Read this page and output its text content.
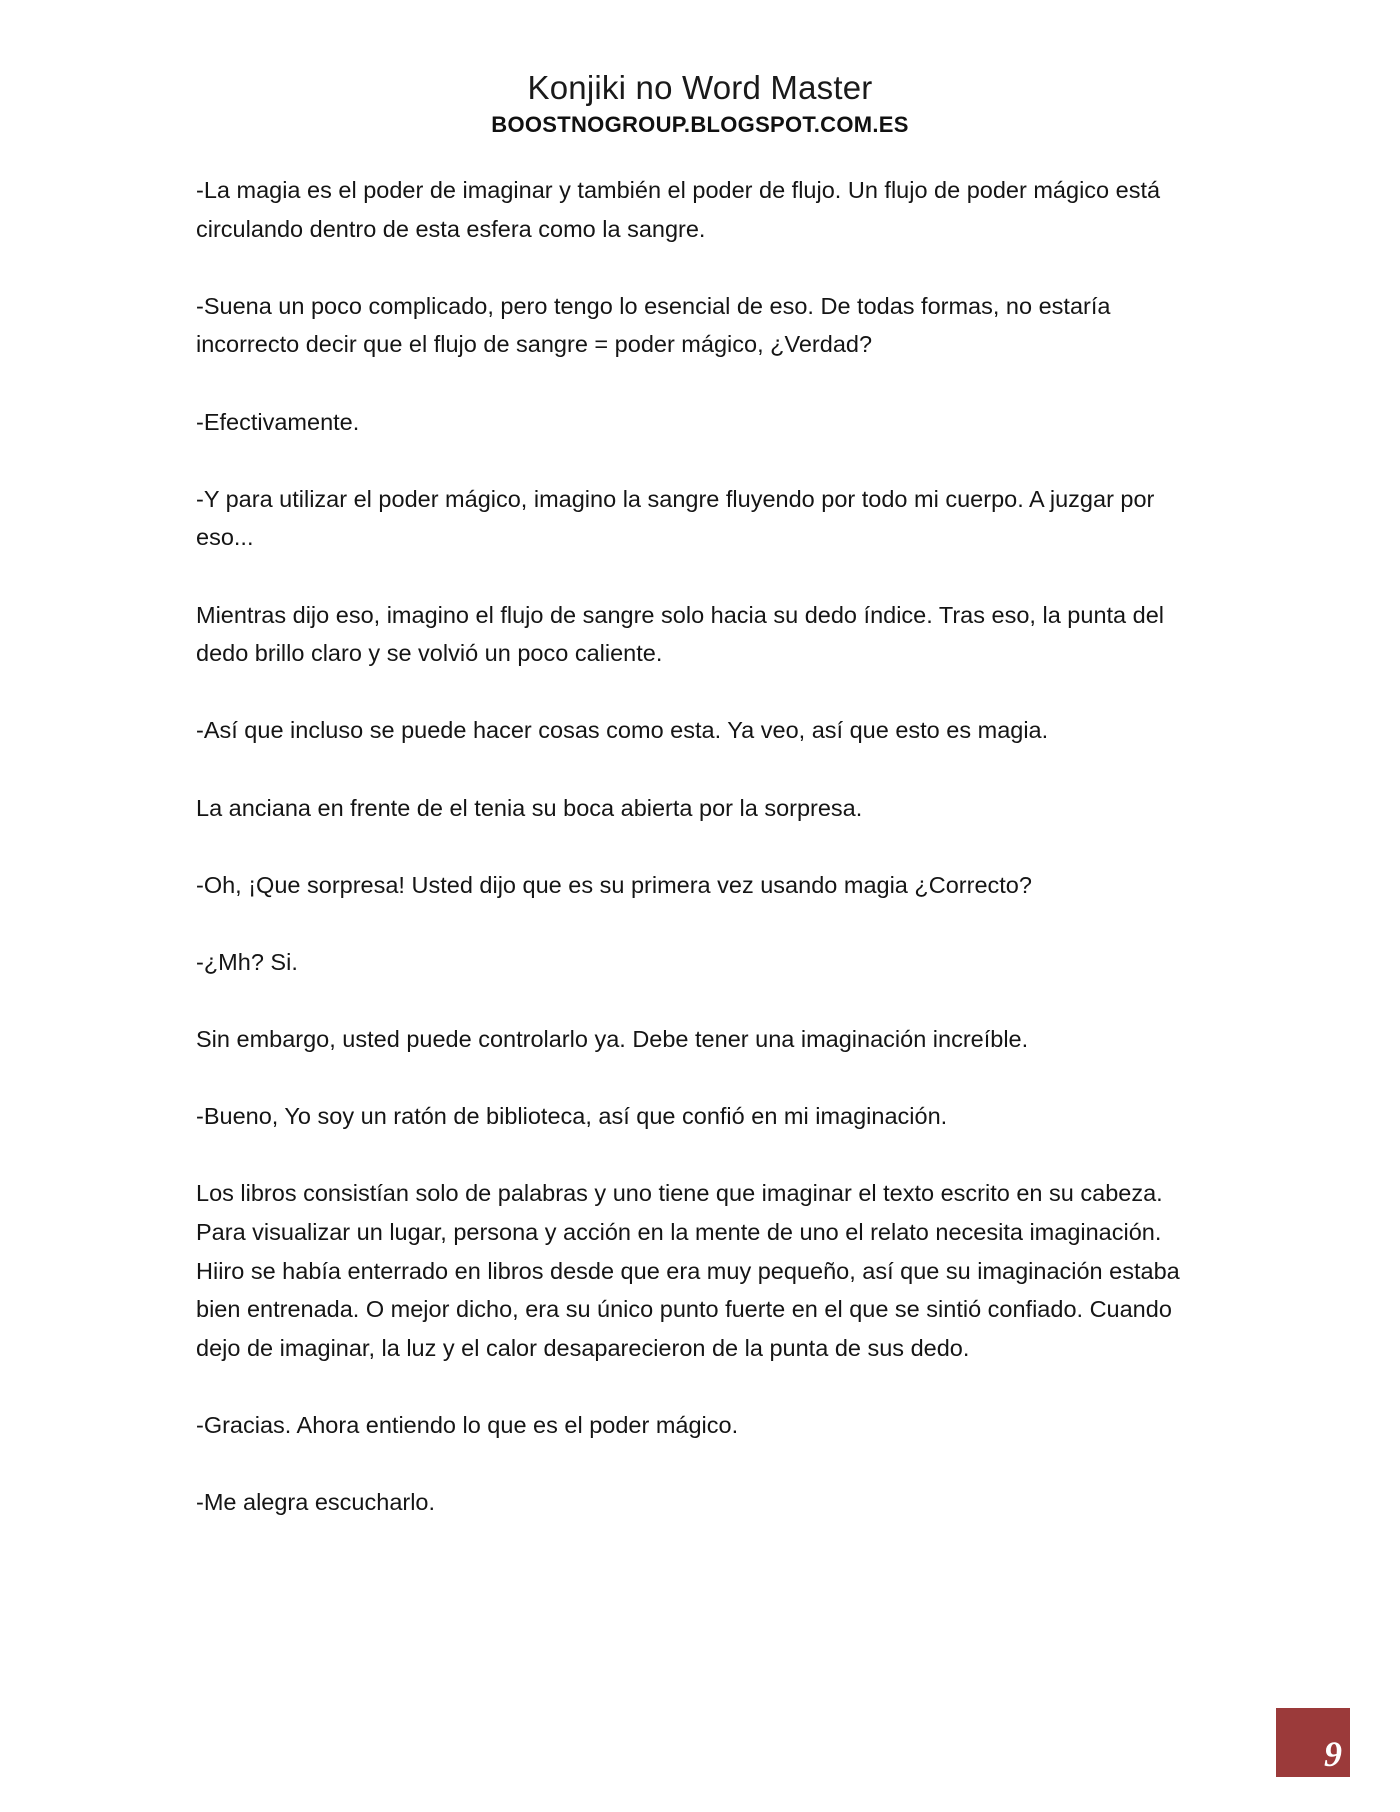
Konjiki no Word Master
BOOSTNOGROUP.BLOGSPOT.COM.ES

-La magia es el poder de imaginar y también el poder de flujo. Un flujo de poder mágico está circulando dentro de esta esfera como la sangre.

-Suena un poco complicado, pero tengo lo esencial de eso. De todas formas, no estaría incorrecto decir que el flujo de sangre = poder mágico, ¿Verdad?

-Efectivamente.

-Y para utilizar el poder mágico, imagino la sangre fluyendo por todo mi cuerpo. A juzgar por eso...

Mientras dijo eso, imagino el flujo de sangre solo hacia su dedo índice. Tras eso, la punta del dedo brillo claro y se volvió un poco caliente.

-Así que incluso se puede hacer cosas como esta. Ya veo, así que esto es magia.

La anciana en frente de el tenia su boca abierta por la sorpresa.

-Oh, ¡Que sorpresa! Usted dijo que es su primera vez usando magia ¿Correcto?

-¿Mh? Si.

Sin embargo, usted puede controlarlo ya. Debe tener una imaginación increíble.

-Bueno, Yo soy un ratón de biblioteca, así que confió en mi imaginación.

Los libros consistían solo de palabras y uno tiene que imaginar el texto escrito en su cabeza. Para visualizar un lugar, persona y acción en la mente de uno el relato necesita imaginación.

Hiiro se había enterrado en libros desde que era muy pequeño, así que su imaginación estaba bien entrenada. O mejor dicho, era su único punto fuerte en el que se sintió confiado. Cuando dejo de imaginar, la luz y el calor desaparecieron de la punta de sus dedo.

-Gracias. Ahora entiendo lo que es el poder mágico.

-Me alegra escucharlo.

9
